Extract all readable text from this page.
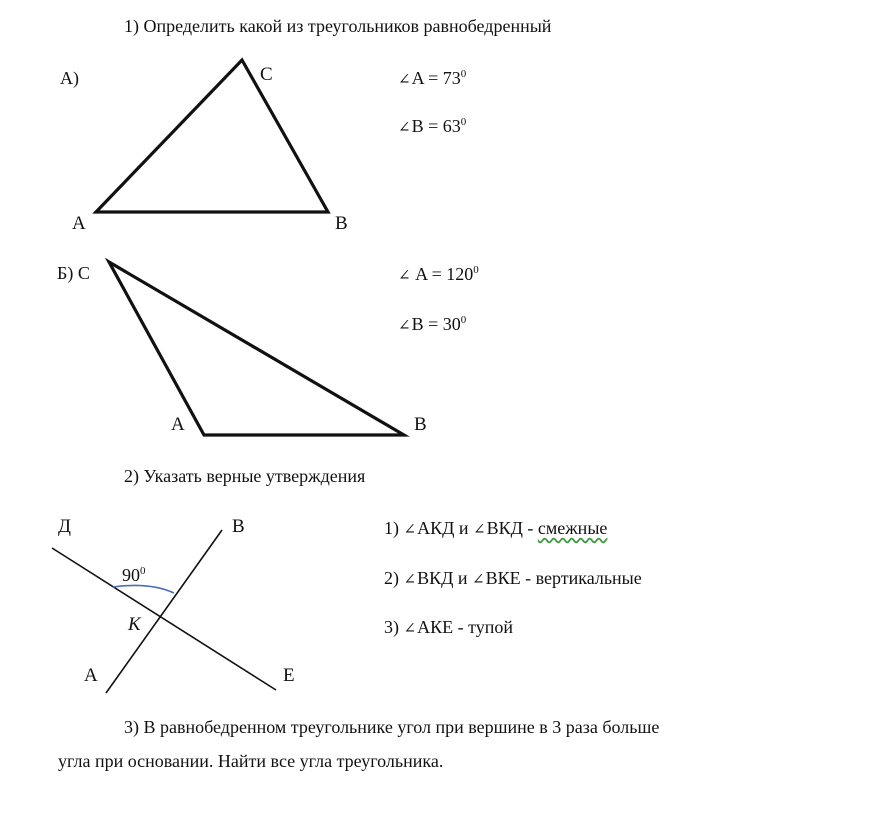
1) Определить какой из треугольников равнобедренный
А)	C
A	B
∠A = $73^0$
∠B = $63^0$
Б) С
A	B
∠ $A = 120^0$
∠B = $30^0$
2) Указать верные утверждения
Д	В
К
А	Е
$90^0$
1) ∠АКД и ∠ВКД - смежные
2) ∠ВКД и ∠ВКЕ - вертикальные
3) ∠АКЕ - тупой
3) В равнобедренном треугольнике угол при вершине в 3 раза больше
угла при основании. Найти все угла треугольника.
